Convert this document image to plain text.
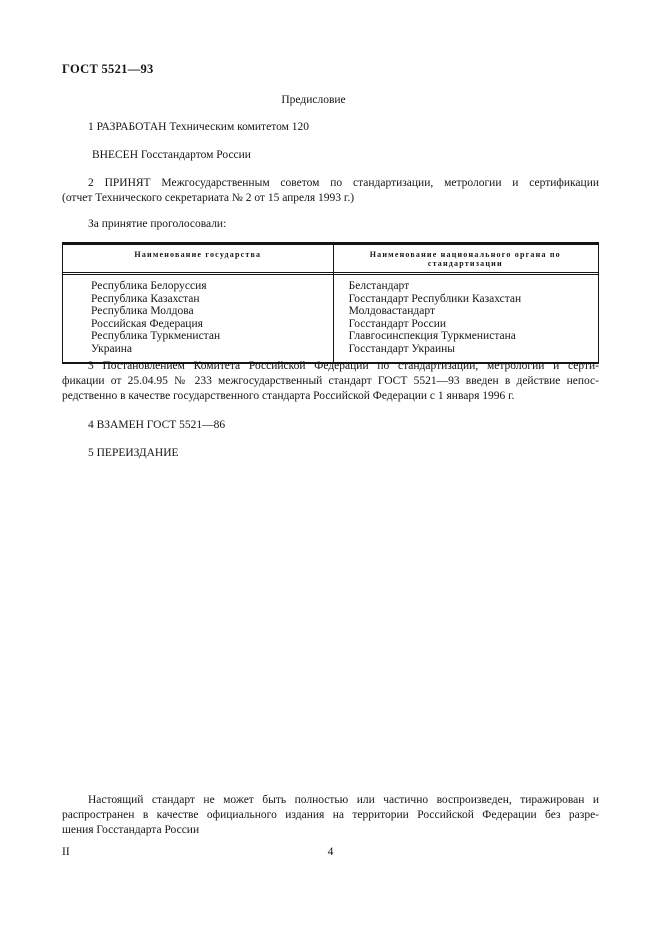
ГОСТ 5521—93
Предисловие
1 РАЗРАБОТАН Техническим комитетом 120
ВНЕСЕН Госстандартом России
2 ПРИНЯТ Межгосударственным советом по стандартизации, метрологии и сертификации
(отчет Технического секретариата № 2 от 15 апреля 1993 г.)
За принятие проголосовали:
Наименование государства	Наименование национального органа по стандартизации
Республика Белоруссия	Белстандарт
Республика Казахстан	Госстандарт Республики Казахстан
Республика Молдова	Молдовастандарт
Российская Федерация	Госстандарт России
Республика Туркменистан	Главгосинспекция Туркменистана
Украина	Госстандарт Украины
3 Постановлением Комитета Российской Федерации по стандартизации, метрологии и серти-
фикации от 25.04.95 № 233 межгосударственный стандарт ГОСТ 5521—93 введен в действие непос-
редственно в качестве государственного стандарта Российской Федерации с 1 января 1996 г.
4 ВЗАМЕН ГОСТ 5521—86
5 ПЕРЕИЗДАНИЕ
Настоящий стандарт не может быть полностью или частично воспроизведен, тиражирован и
распространен в качестве официального издания на территории Российской Федерации без разре-
шения Госстандарта России
II	4
